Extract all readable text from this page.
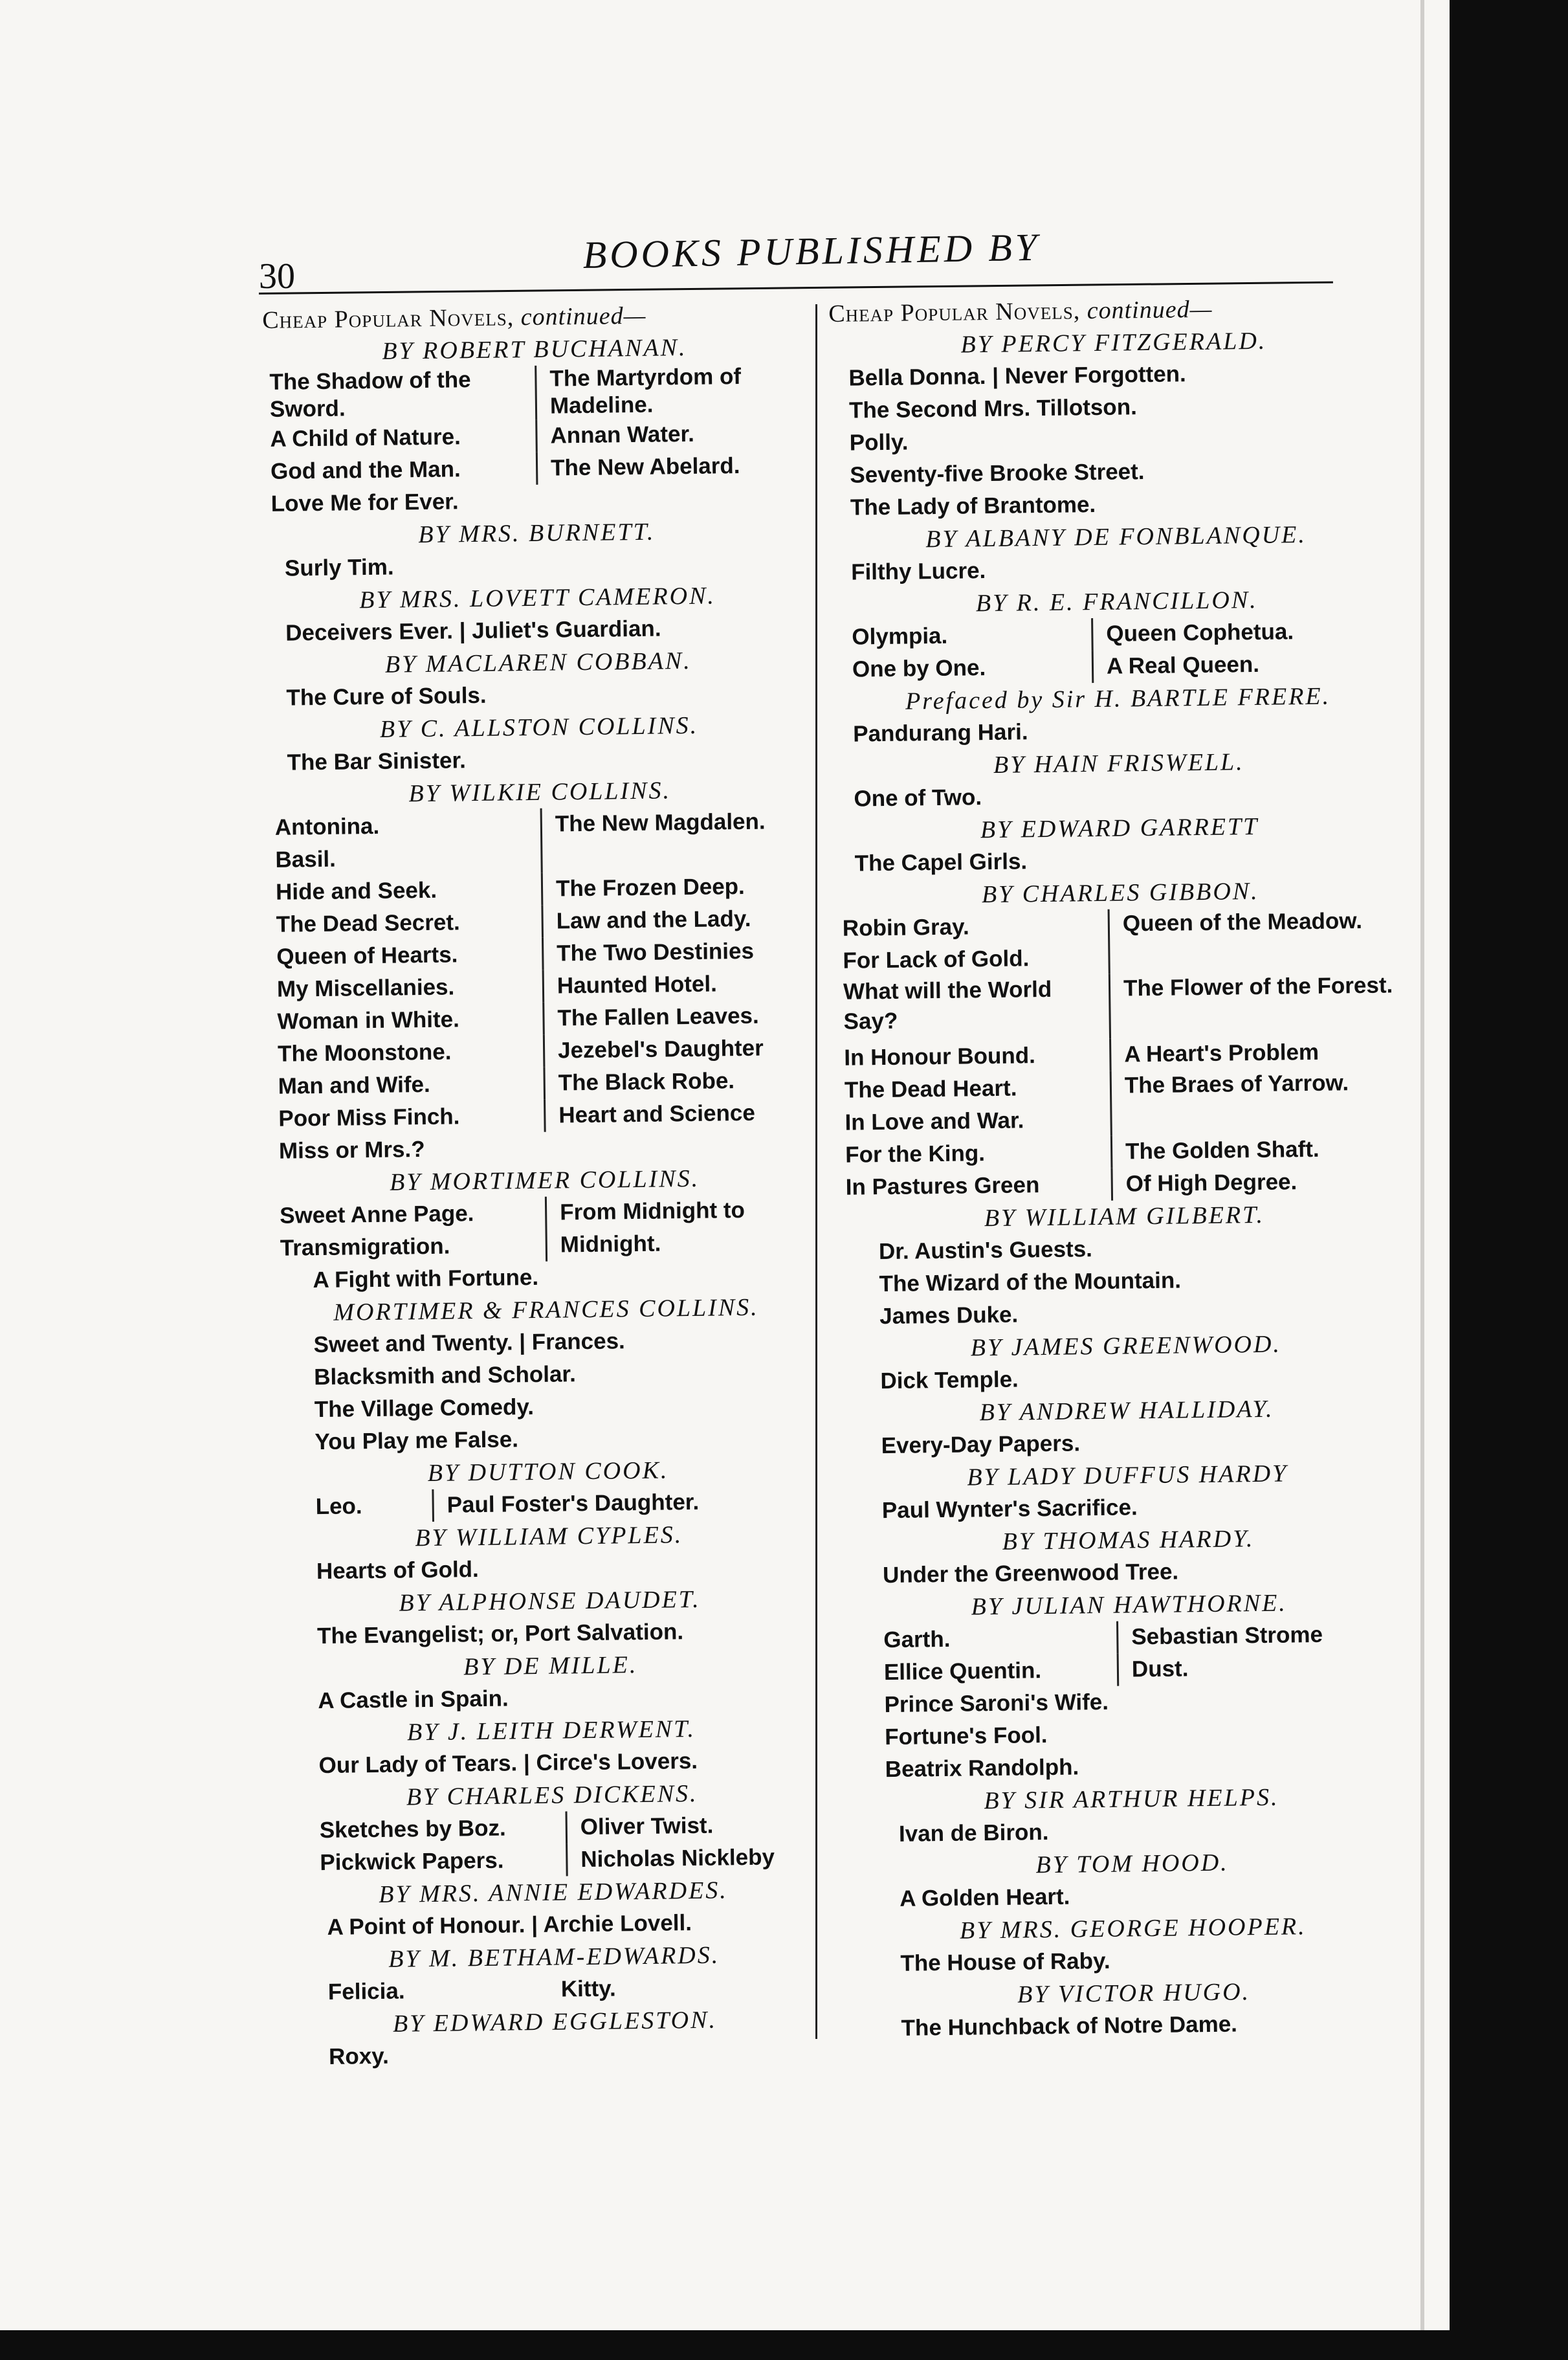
30
BOOKS PUBLISHED BY
Cheap Popular Novels, continued—
BY ROBERT BUCHANAN.
The Shadow of the Sword.
A Child of Nature.
God and the Man.
Love Me for Ever.
The Martyrdom of Madeline.
Annan Water.
The New Abelard.
BY MRS. BURNETT.
Surly Tim.
BY MRS. LOVETT CAMERON.
Deceivers Ever. | Juliet's Guardian.
BY MACLAREN COBBAN.
The Cure of Souls.
BY C. ALLSTON COLLINS.
The Bar Sinister.
BY WILKIE COLLINS.
Antonina.
Basil.
Hide and Seek.
The Dead Secret.
Queen of Hearts.
My Miscellanies.
Woman in White.
The Moonstone.
Man and Wife.
Poor Miss Finch.
Miss or Mrs.?
The New Magdalen.
The Frozen Deep.
Law and the Lady.
The Two Destinies
Haunted Hotel.
The Fallen Leaves.
Jezebel's Daughter
The Black Robe.
Heart and Science
BY MORTIMER COLLINS.
Sweet Anne Page.
Transmigration.
From Midnight to Midnight.
A Fight with Fortune.
MORTIMER & FRANCES COLLINS.
Sweet and Twenty. | Frances.
Blacksmith and Scholar.
The Village Comedy.
You Play me False.
BY DUTTON COOK.
Leo.	Paul Foster's Daughter.
BY WILLIAM CYPLES.
Hearts of Gold.
BY ALPHONSE DAUDET.
The Evangelist; or, Port Salvation.
BY DE MILLE.
A Castle in Spain.
BY J. LEITH DERWENT.
Our Lady of Tears. | Circe's Lovers.
BY CHARLES DICKENS.
Sketches by Boz.
Pickwick Papers.
Oliver Twist.
Nicholas Nickleby
BY MRS. ANNIE EDWARDES.
A Point of Honour. | Archie Lovell.
BY M. BETHAM-EDWARDS.
Felicia.	Kitty.
BY EDWARD EGGLESTON.
Roxy.
Cheap Popular Novels, continued—
BY PERCY FITZGERALD.
Bella Donna. | Never Forgotten.
The Second Mrs. Tillotson.
Polly.
Seventy-five Brooke Street.
The Lady of Brantome.
BY ALBANY DE FONBLANQUE.
Filthy Lucre.
BY R. E. FRANCILLON.
Olympia.
One by One.
Queen Cophetua.
A Real Queen.
Prefaced by Sir H. BARTLE FRERE.
Pandurang Hari.
BY HAIN FRISWELL.
One of Two.
BY EDWARD GARRETT
The Capel Girls.
BY CHARLES GIBBON.
Robin Gray.
For Lack of Gold.
What will the World Say?
In Honour Bound.
The Dead Heart.
In Love and War.
For the King.
In Pastures Green
Queen of the Meadow.
The Flower of the Forest.
A Heart's Problem
The Braes of Yarrow.
The Golden Shaft.
Of High Degree.
BY WILLIAM GILBERT.
Dr. Austin's Guests.
The Wizard of the Mountain.
James Duke.
BY JAMES GREENWOOD.
Dick Temple.
BY ANDREW HALLIDAY.
Every-Day Papers.
BY LADY DUFFUS HARDY
Paul Wynter's Sacrifice.
BY THOMAS HARDY.
Under the Greenwood Tree.
BY JULIAN HAWTHORNE.
Garth.
Ellice Quentin.
Sebastian Strome
Dust.
Prince Saroni's Wife.
Fortune's Fool.
Beatrix Randolph.
BY SIR ARTHUR HELPS.
Ivan de Biron.
BY TOM HOOD.
A Golden Heart.
BY MRS. GEORGE HOOPER.
The House of Raby.
BY VICTOR HUGO.
The Hunchback of Notre Dame.
